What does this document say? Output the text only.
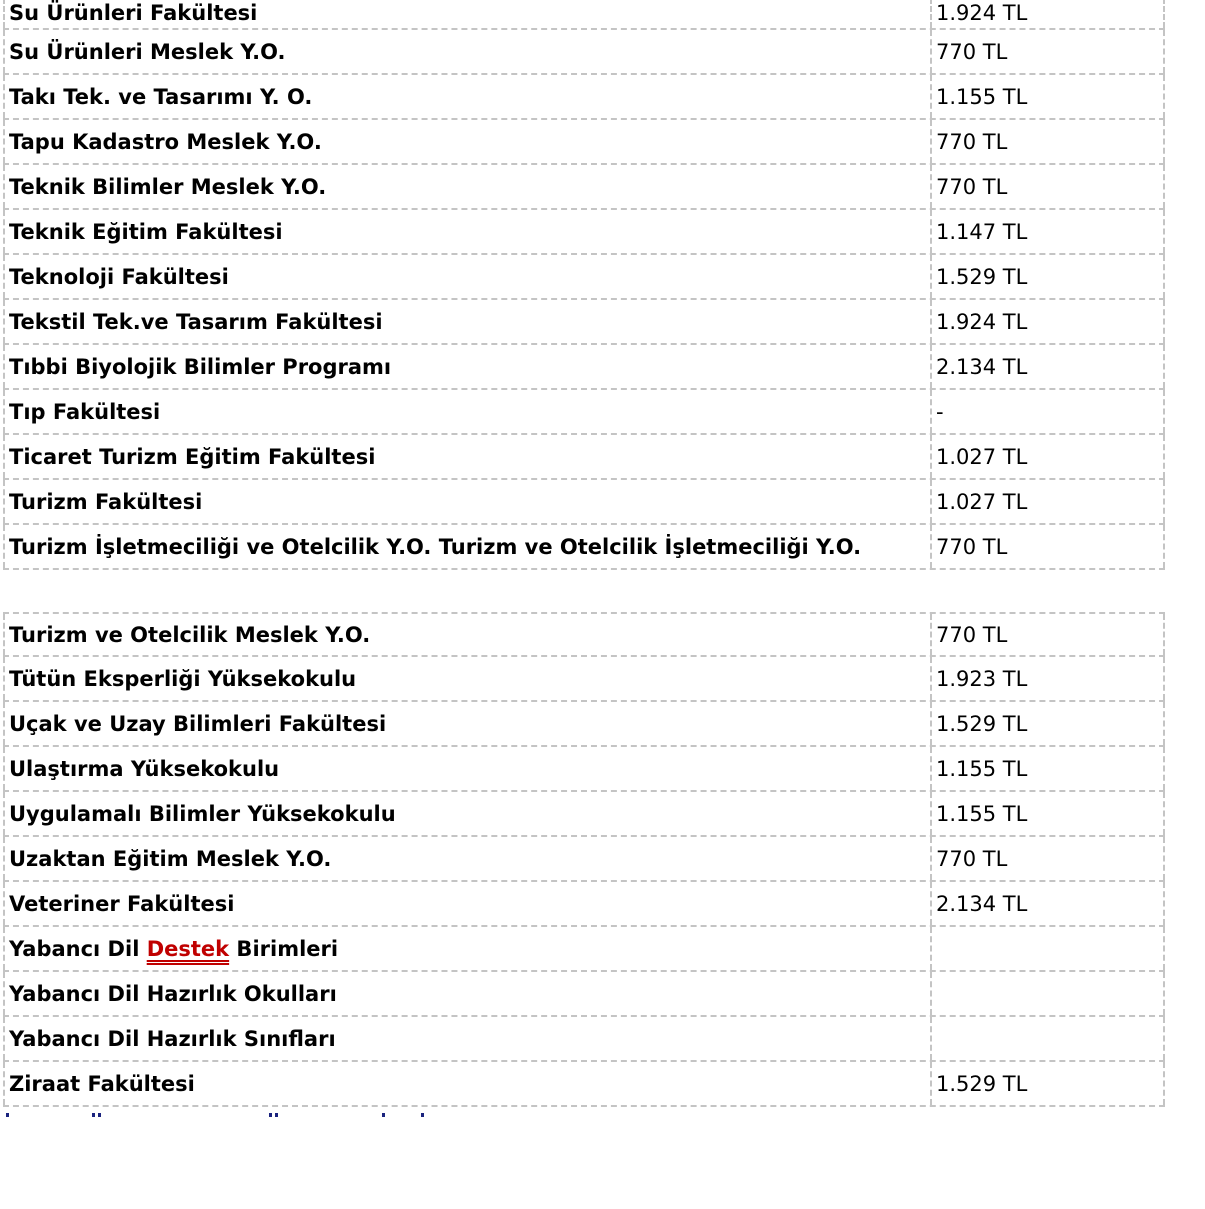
Su Ürünleri Fakültesi	1.924 TL
Su Ürünleri Meslek Y.O.	770 TL
Takı Tek. ve Tasarımı Y. O.	1.155 TL
Tapu Kadastro Meslek Y.O.	770 TL
Teknik Bilimler Meslek Y.O.	770 TL
Teknik Eğitim Fakültesi	1.147 TL
Teknoloji Fakültesi	1.529 TL
Tekstil Tek.ve Tasarım Fakültesi	1.924 TL
Tıbbi Biyolojik Bilimler Programı	2.134 TL
Tıp Fakültesi	-
Ticaret Turizm Eğitim Fakültesi	1.027 TL
Turizm Fakültesi	1.027 TL
Turizm İşletmeciliği ve Otelcilik Y.O. Turizm ve Otelcilik İşletmeciliği Y.O.	770 TL
Turizm ve Otelcilik Meslek Y.O.	770 TL
Tütün Eksperliği Yüksekokulu	1.923 TL
Uçak ve Uzay Bilimleri Fakültesi	1.529 TL
Ulaştırma Yüksekokulu	1.155 TL
Uygulamalı Bilimler Yüksekokulu	1.155 TL
Uzaktan Eğitim Meslek Y.O.	770 TL
Veteriner Fakültesi	2.134 TL
Yabancı Dil Destek Birimleri
Yabancı Dil Hazırlık Okulları
Yabancı Dil Hazırlık Sınıfları
Ziraat Fakültesi	1.529 TL
